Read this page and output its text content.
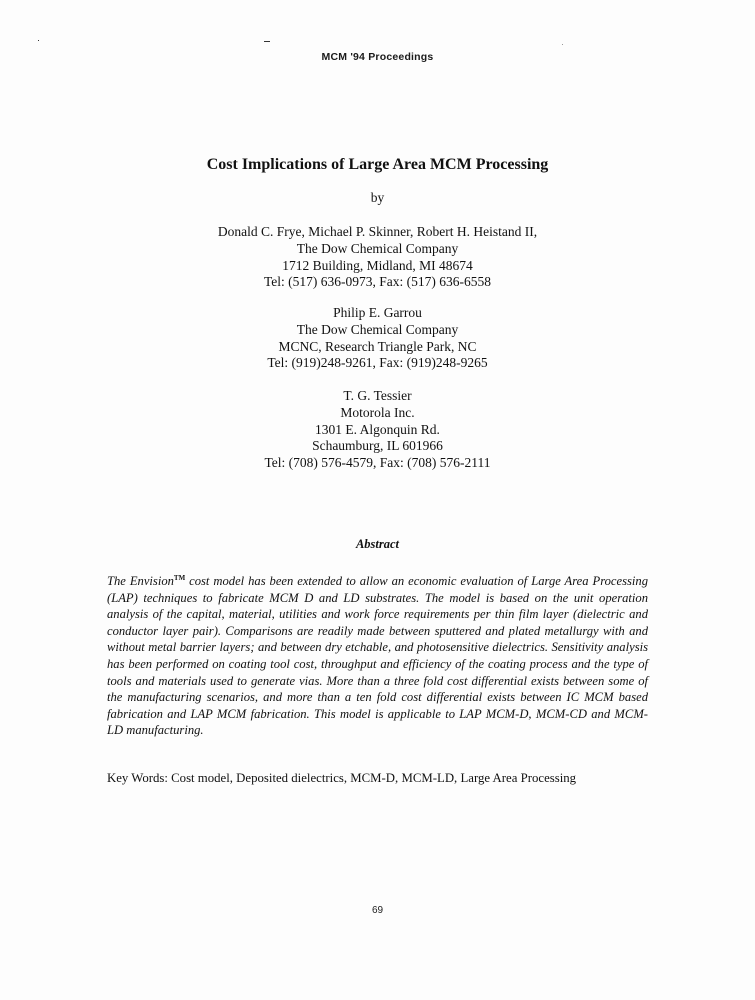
MCM '94 Proceedings
Cost Implications of Large Area MCM Processing
by
Donald C. Frye, Michael P. Skinner, Robert H. Heistand II,
The Dow Chemical Company
1712 Building, Midland, MI 48674
Tel: (517) 636-0973, Fax: (517) 636-6558
Philip E. Garrou
The Dow Chemical Company
MCNC, Research Triangle Park, NC
Tel: (919)248-9261, Fax: (919)248-9265
T. G. Tessier
Motorola Inc.
1301 E. Algonquin Rd.
Schaumburg, IL 601966
Tel: (708) 576-4579, Fax: (708) 576-2111
Abstract
The Envision™ cost model has been extended to allow an economic evaluation of Large Area Processing (LAP) techniques to fabricate MCM D and LD substrates. The model is based on the unit operation analysis of the capital, material, utilities and work force requirements per thin film layer (dielectric and conductor layer pair). Comparisons are readily made between sputtered and plated metallurgy with and without metal barrier layers; and between dry etchable, and photosensitive dielectrics. Sensitivity analysis has been performed on coating tool cost, throughput and efficiency of the coating process and the type of tools and materials used to generate vias. More than a three fold cost differential exists between some of the manufacturing scenarios, and more than a ten fold cost differential exists between IC MCM based fabrication and LAP MCM fabrication. This model is applicable to LAP MCM-D, MCM-CD and MCM-LD manufacturing.
Key Words: Cost model, Deposited dielectrics, MCM-D, MCM-LD, Large Area Processing
69
